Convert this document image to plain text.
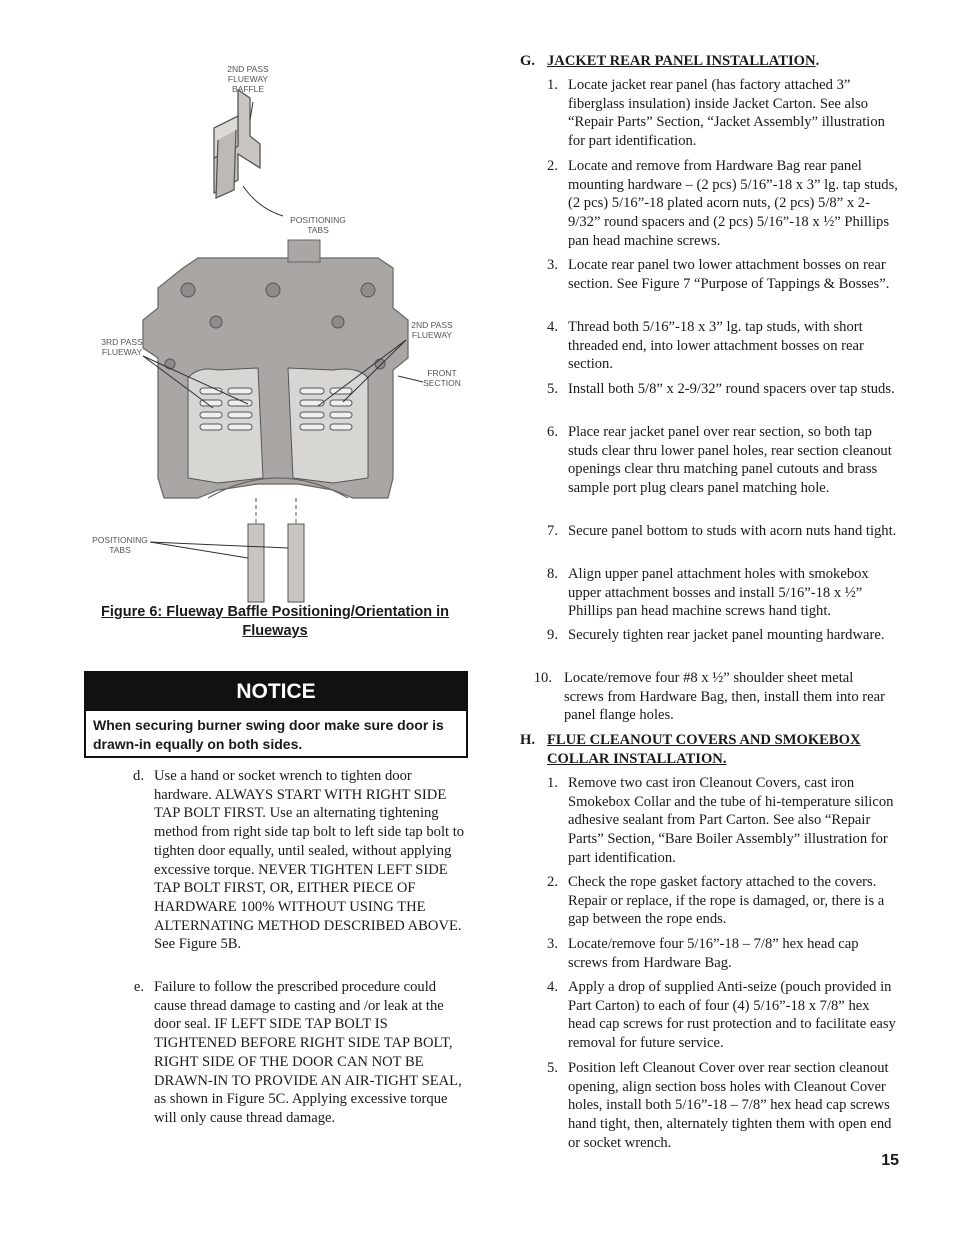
2ND PASS
FLUEWAY
BAFFLE
POSITIONING
TABS
3RD PASS
FLUEWAY
2ND PASS
FLUEWAY
FRONT
SECTION
POSITIONING
TABS
Figure 6: Flueway Baffle Positioning/Orientation in
Flueways
NOTICE
When securing burner swing door make sure door is drawn-in equally on both sides.
d. Use a hand or socket wrench to tighten door hardware. ALWAYS START WITH RIGHT SIDE TAP BOLT FIRST. Use an alternating tightening method from right side tap bolt to left side tap bolt to tighten door equally, until sealed, without applying excessive torque. NEVER TIGHTEN LEFT SIDE TAP BOLT FIRST, OR, EITHER PIECE OF HARDWARE 100% WITHOUT USING THE ALTERNATING METHOD DESCRIBED ABOVE. See Figure 5B.
e. Failure to follow the prescribed procedure could cause thread damage to casting and /or leak at the door seal. IF LEFT SIDE TAP BOLT IS TIGHTENED BEFORE RIGHT SIDE TAP BOLT, RIGHT SIDE OF THE DOOR CAN NOT BE DRAWN-IN TO PROVIDE AN AIR-TIGHT SEAL, as shown in Figure 5C. Applying excessive torque will only cause thread damage.
G. JACKET REAR PANEL INSTALLATION.
1. Locate jacket rear panel (has factory attached 3” fiberglass insulation) inside Jacket Carton. See also “Repair Parts” Section, “Jacket Assembly” illustration for part identification.
2. Locate and remove from Hardware Bag rear panel mounting hardware – (2 pcs) 5/16”-18 x 3” lg. tap studs, (2 pcs) 5/16”-18 plated acorn nuts, (2 pcs) 5/8” x 2-9/32” round spacers and (2 pcs) 5/16”-18 x ½” Phillips pan head machine screws.
3. Locate rear panel two lower attachment bosses on rear section. See Figure 7 “Purpose of Tappings & Bosses”.
4. Thread both 5/16”-18 x 3” lg. tap studs, with short threaded end, into lower attachment bosses on rear section.
5. Install both 5/8” x 2-9/32” round spacers over tap studs.
6. Place rear jacket panel over rear section, so both tap studs clear thru lower panel holes, rear section cleanout openings clear thru matching panel cutouts and brass sample port plug clears panel matching hole.
7. Secure panel bottom to studs with acorn nuts hand tight.
8. Align upper panel attachment holes with smokebox upper attachment bosses and install 5/16”-18 x ½” Phillips pan head machine screws hand tight.
9. Securely tighten rear jacket panel mounting hardware.
10. Locate/remove four #8 x ½” shoulder sheet metal screws from Hardware Bag, then, install them into rear panel flange holes.
H. FLUE CLEANOUT COVERS AND SMOKEBOX
COLLAR INSTALLATION.
1. Remove two cast iron Cleanout Covers, cast iron Smokebox Collar and the tube of hi-temperature silicon adhesive sealant from Part Carton. See also “Repair Parts” Section, “Bare Boiler Assembly” illustration for part identification.
2. Check the rope gasket factory attached to the covers. Repair or replace, if the rope is damaged, or, there is a gap between the rope ends.
3. Locate/remove four 5/16”-18 – 7/8” hex head cap screws from Hardware Bag.
4. Apply a drop of supplied Anti-seize (pouch provided in Part Carton) to each of four (4) 5/16”-18 x 7/8” hex head cap screws for rust protection and to facilitate easy removal for future service.
5. Position left Cleanout Cover over rear section cleanout opening, align section boss holes with Cleanout Cover holes, install both 5/16”-18 – 7/8” hex head cap screws hand tight, then, alternately tighten them with open end or socket wrench.
15
